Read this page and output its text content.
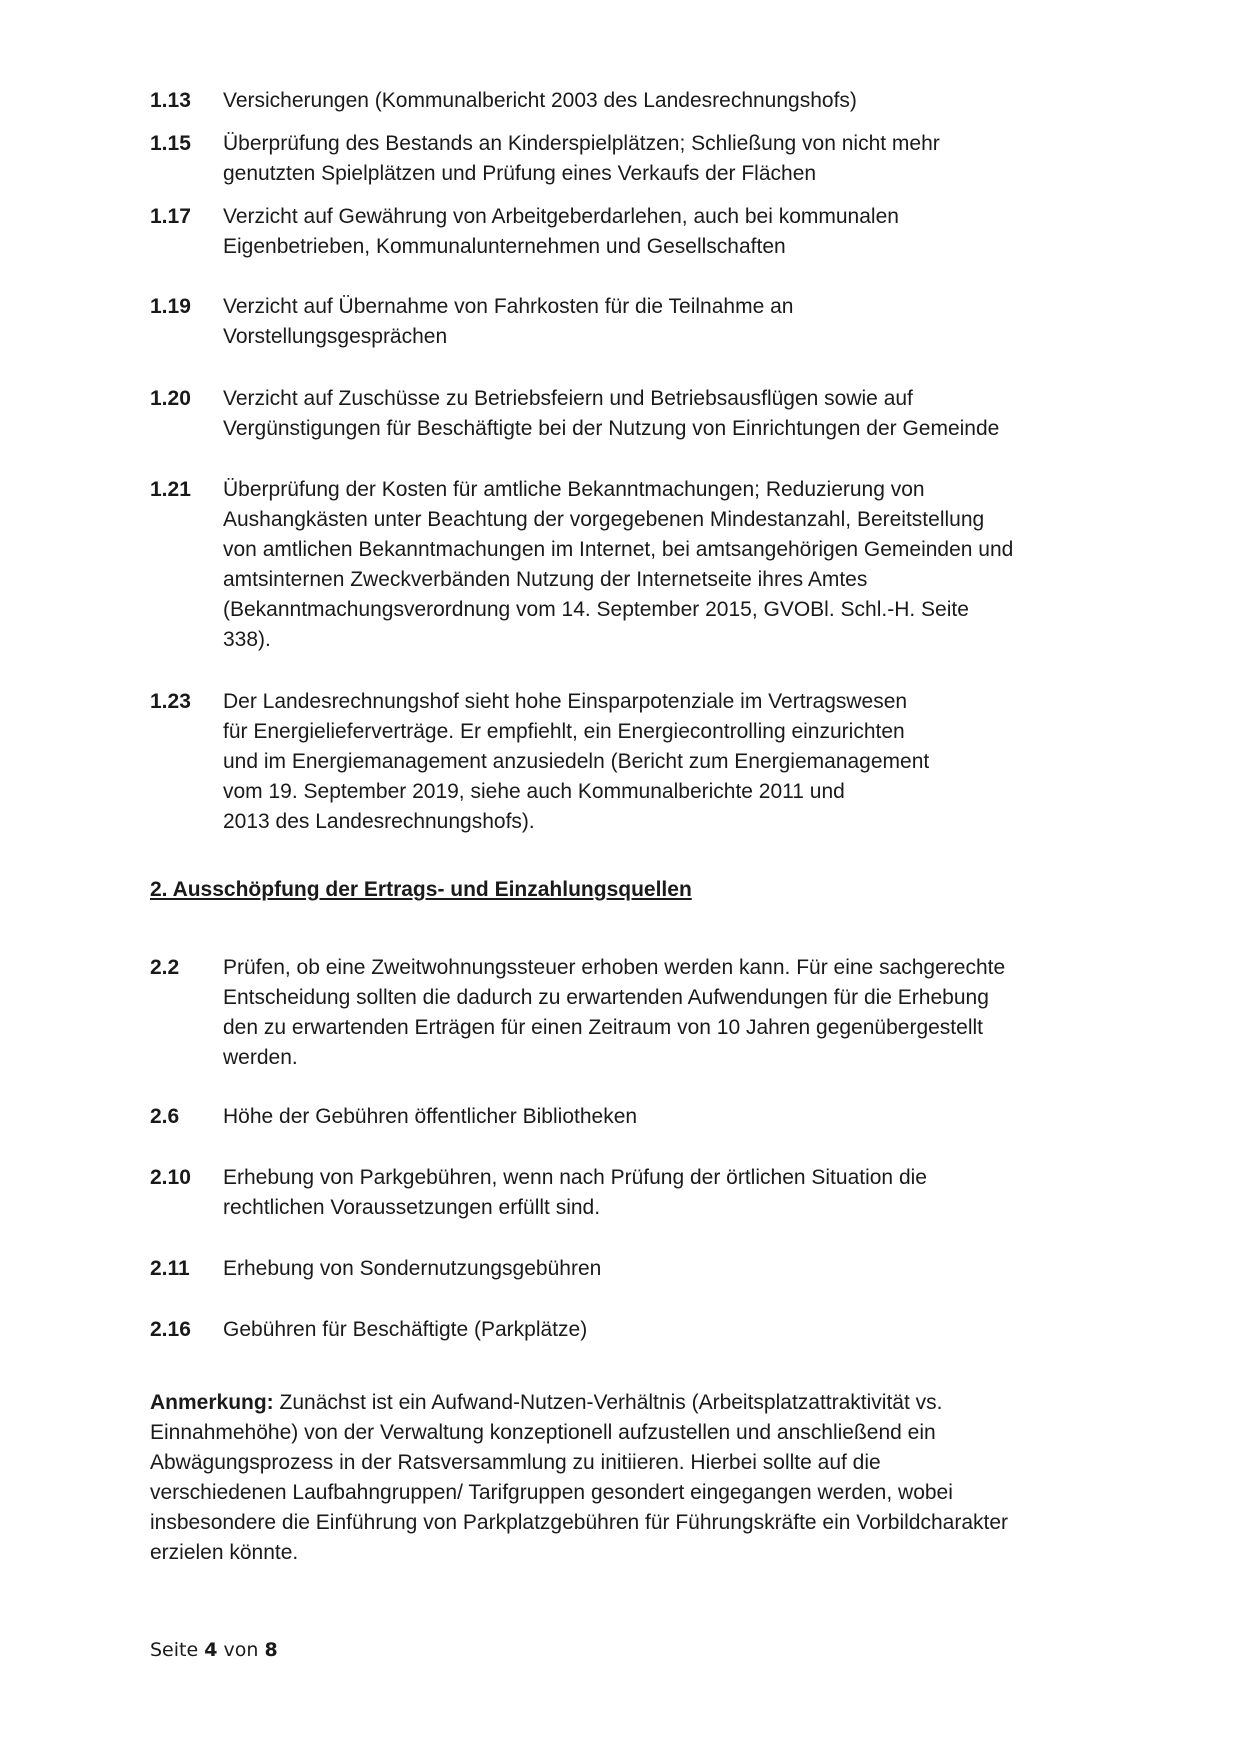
1.13	Versicherungen (Kommunalbericht 2003 des Landesrechnungshofs)
1.15	Überprüfung des Bestands an Kinderspielplätzen; Schließung von nicht mehr
genutzten Spielplätzen und Prüfung eines Verkaufs der Flächen
1.17	Verzicht auf Gewährung von Arbeitgeberdarlehen, auch bei kommunalen
Eigenbetrieben, Kommunalunternehmen und Gesellschaften
1.19	Verzicht auf Übernahme von Fahrkosten für die Teilnahme an
Vorstellungsgesprächen
1.20	Verzicht auf Zuschüsse zu Betriebsfeiern und Betriebsausflügen sowie auf
Vergünstigungen für Beschäftigte bei der Nutzung von Einrichtungen der Gemeinde
1.21	Überprüfung der Kosten für amtliche Bekanntmachungen; Reduzierung von
Aushangkästen unter Beachtung der vorgegebenen Mindestanzahl, Bereitstellung
von amtlichen Bekanntmachungen im Internet, bei amtsangehörigen Gemeinden und
amtsinternen Zweckverbänden Nutzung der Internetseite ihres Amtes
(Bekanntmachungsverordnung vom 14. September 2015, GVOBl. Schl.-H. Seite
338).
1.23	Der Landesrechnungshof sieht hohe Einsparpotenziale im Vertragswesen
für Energielieferverträge. Er empfiehlt, ein Energiecontrolling einzurichten
und im Energiemanagement anzusiedeln (Bericht zum Energiemanagement
vom 19. September 2019, siehe auch Kommunalberichte 2011 und
2013 des Landesrechnungshofs).
2. Ausschöpfung der Ertrags- und Einzahlungsquellen
2.2	Prüfen, ob eine Zweitwohnungssteuer erhoben werden kann. Für eine sachgerechte
Entscheidung sollten die dadurch zu erwartenden Aufwendungen für die Erhebung
den zu erwartenden Erträgen für einen Zeitraum von 10 Jahren gegenübergestellt
werden.
2.6	Höhe der Gebühren öffentlicher Bibliotheken
2.10	Erhebung von Parkgebühren, wenn nach Prüfung der örtlichen Situation die
rechtlichen Voraussetzungen erfüllt sind.
2.11	Erhebung von Sondernutzungsgebühren
2.16	Gebühren für Beschäftigte (Parkplätze)
Anmerkung: Zunächst ist ein Aufwand-Nutzen-Verhältnis (Arbeitsplatzattraktivität vs.
Einnahmehöhe) von der Verwaltung konzeptionell aufzustellen und anschließend ein
Abwägungsprozess in der Ratsversammlung zu initiieren. Hierbei sollte auf die
verschiedenen Laufbahngruppen/ Tarifgruppen gesondert eingegangen werden, wobei
insbesondere die Einführung von Parkplatzgebühren für Führungskräfte ein Vorbildcharakter
erzielen könnte.
Seite 4 von 8
